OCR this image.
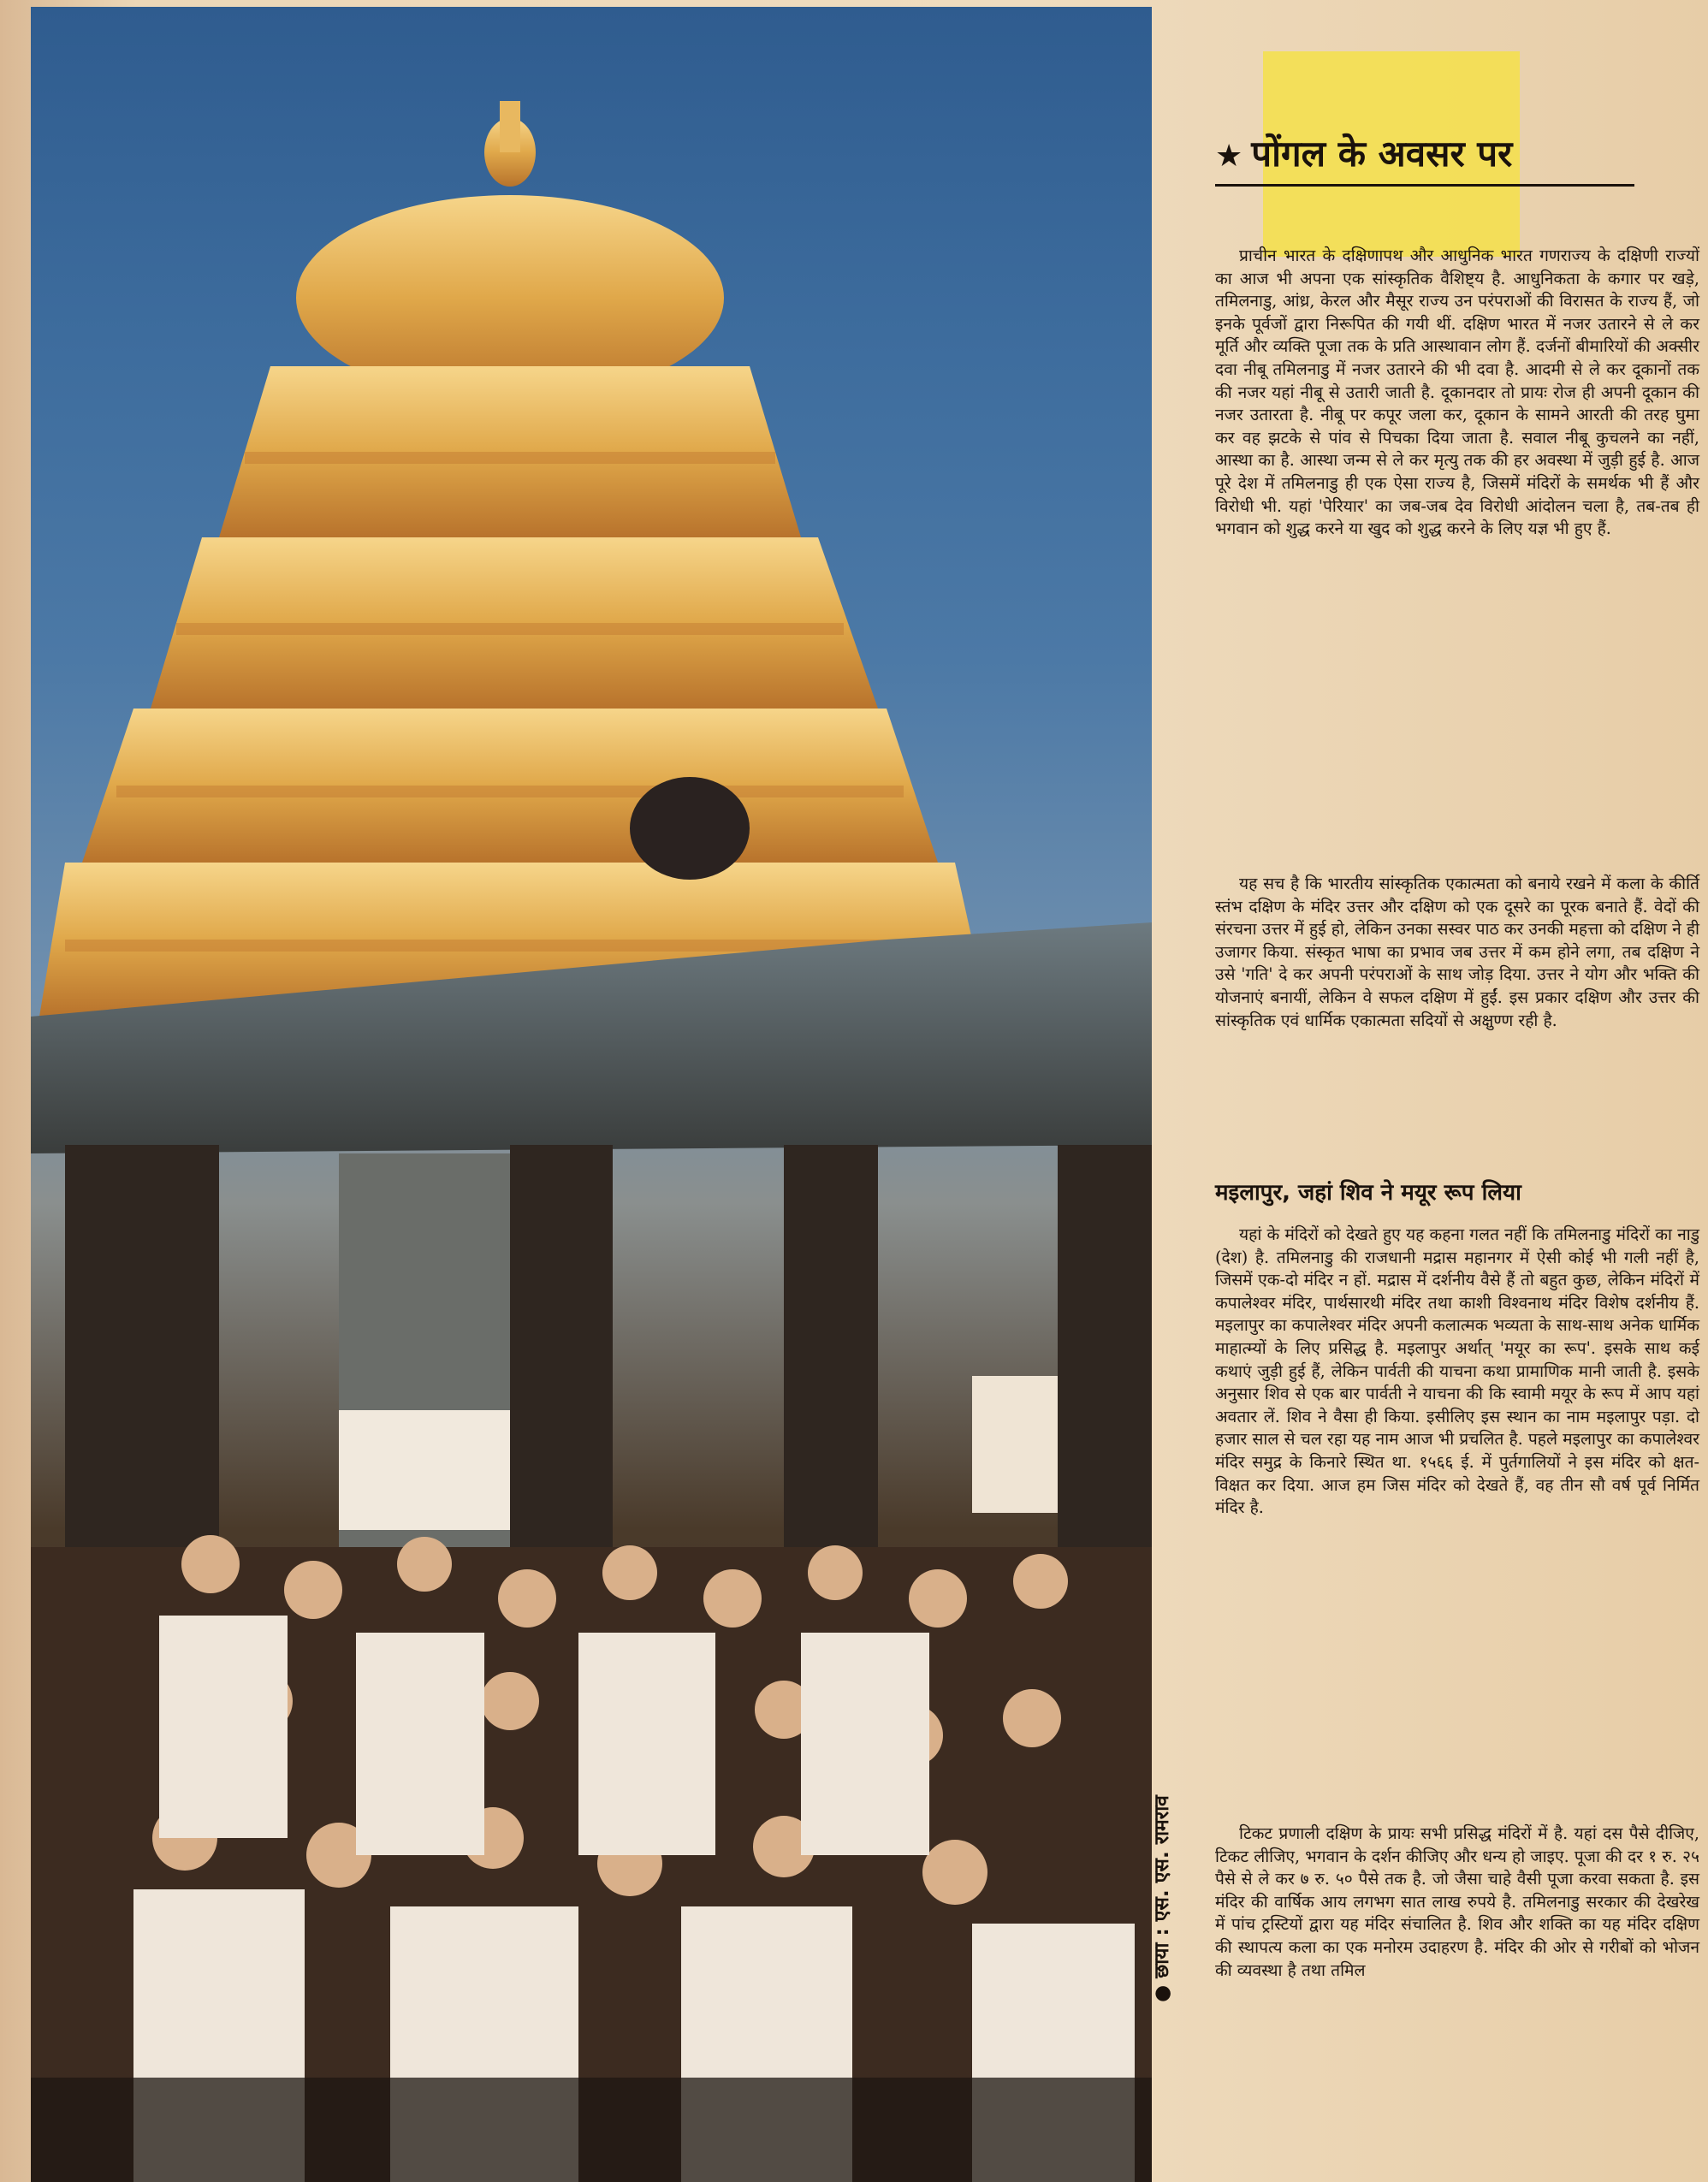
● छाया : एस. एस. रामराव
★ पोंगल के अवसर पर

प्राचीन भारत के दक्षिणापथ और आधुनिक भारत गणराज्य के दक्षिणी राज्यों का आज भी अपना एक सांस्कृतिक वैशिष्ट्य है. आधुनिकता के कगार पर खड़े, तमिलनाडु, आंध्र, केरल और मैसूर राज्य उन परंपराओं की विरासत के राज्य हैं, जो इनके पूर्वजों द्वारा निरूपित की गयी थीं. दक्षिण भारत में नजर उतारने से ले कर मूर्ति और व्यक्ति पूजा तक के प्रति आस्थावान लोग हैं. दर्जनों बीमारियों की अक्सीर दवा नीबू तमिलनाडु में नजर उतारने की भी दवा है. आदमी से ले कर दूकानों तक की नजर यहां नीबू से उतारी जाती है. दूकानदार तो प्रायः रोज ही अपनी दूकान की नजर उतारता है. नीबू पर कपूर जला कर, दूकान के सामने आरती की तरह घुमा कर वह झटके से पांव से पिचका दिया जाता है. सवाल नीबू कुचलने का नहीं, आस्था का है. आस्था जन्म से ले कर मृत्यु तक की हर अवस्था में जुड़ी हुई है. आज पूरे देश में तमिलनाडु ही एक ऐसा राज्य है, जिसमें मंदिरों के समर्थक भी हैं और विरोधी भी. यहां 'पेरियार' का जब-जब देव विरोधी आंदोलन चला है, तब-तब ही भगवान को शुद्ध करने या खुद को शुद्ध करने के लिए यज्ञ भी हुए हैं.

यह सच है कि भारतीय सांस्कृतिक एकात्मता को बनाये रखने में कला के कीर्ति स्तंभ दक्षिण के मंदिर उत्तर और दक्षिण को एक दूसरे का पूरक बनाते हैं. वेदों की संरचना उत्तर में हुई हो, लेकिन उनका सस्वर पाठ कर उनकी महत्ता को दक्षिण ने ही उजागर किया. संस्कृत भाषा का प्रभाव जब उत्तर में कम होने लगा, तब दक्षिण ने उसे 'गति' दे कर अपनी परंपराओं के साथ जोड़ दिया. उत्तर ने योग और भक्ति की योजनाएं बनायीं, लेकिन वे सफल दक्षिण में हुईं. इस प्रकार दक्षिण और उत्तर की सांस्कृतिक एवं धार्मिक एकात्मता सदियों से अक्षुण्ण रही है.

मइलापुर, जहां शिव ने मयूर रूप लिया

यहां के मंदिरों को देखते हुए यह कहना गलत नहीं कि तमिलनाडु मंदिरों का नाडु (देश) है. तमिलनाडु की राजधानी मद्रास महानगर में ऐसी कोई भी गली नहीं है, जिसमें एक-दो मंदिर न हों. मद्रास में दर्शनीय वैसे हैं तो बहुत कुछ, लेकिन मंदिरों में कपालेश्वर मंदिर, पार्थसारथी मंदिर तथा काशी विश्वनाथ मंदिर विशेष दर्शनीय हैं. मइलापुर का कपालेश्वर मंदिर अपनी कलात्मक भव्यता के साथ-साथ अनेक धार्मिक माहात्म्यों के लिए प्रसिद्ध है. मइलापुर अर्थात् 'मयूर का रूप'. इसके साथ कई कथाएं जुड़ी हुई हैं, लेकिन पार्वती की याचना कथा प्रामाणिक मानी जाती है. इसके अनुसार शिव से एक बार पार्वती ने याचना की कि स्वामी मयूर के रूप में आप यहां अवतार लें. शिव ने वैसा ही किया. इसीलिए इस स्थान का नाम मइलापुर पड़ा. दो हजार साल से चल रहा यह नाम आज भी प्रचलित है. पहले मइलापुर का कपालेश्वर मंदिर समुद्र के किनारे स्थित था. १५६६ ई. में पुर्तगालियों ने इस मंदिर को क्षत-विक्षत कर दिया. आज हम जिस मंदिर को देखते हैं, वह तीन सौ वर्ष पूर्व निर्मित मंदिर है.

टिकट प्रणाली दक्षिण के प्रायः सभी प्रसिद्ध मंदिरों में है. यहां दस पैसे दीजिए, टिकट लीजिए, भगवान के दर्शन कीजिए और धन्य हो जाइए. पूजा की दर १ रु. २५ पैसे से ले कर ७ रु. ५० पैसे तक है. जो जैसा चाहे वैसी पूजा करवा सकता है. इस मंदिर की वार्षिक आय लगभग सात लाख रुपये है. तमिलनाडु सरकार की देखरेख में पांच ट्रस्टियों द्वारा यह मंदिर संचालित है. शिव और शक्ति का यह मंदिर दक्षिण की स्थापत्य कला का एक मनोरम उदाहरण है. मंदिर की ओर से गरीबों को भोजन की व्यवस्था है तथा तमिल
